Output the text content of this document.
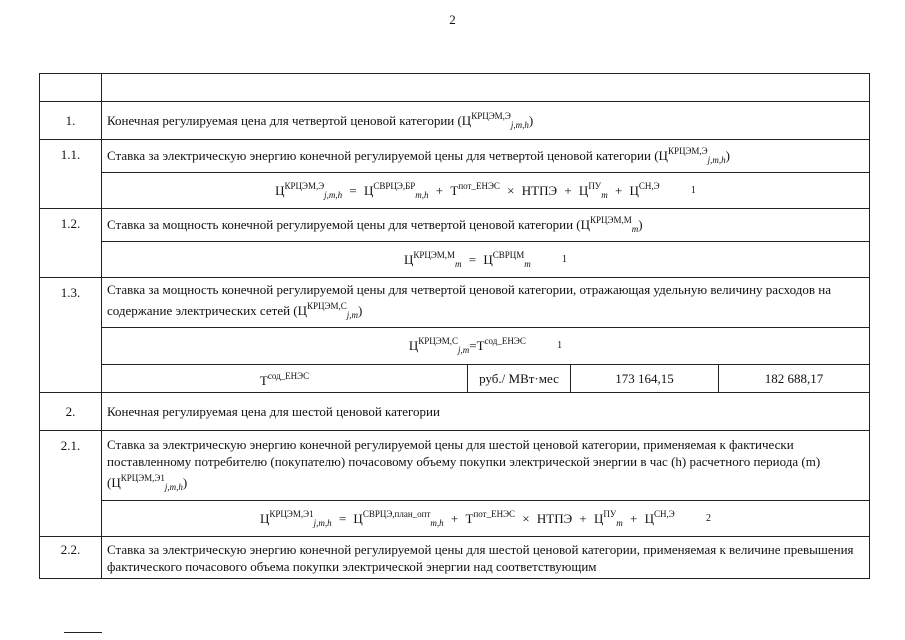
2

1.	Конечная регулируемая цена для четвертой ценовой категории $(Ц^{КРЦЭМ,Э}_{j,m,h})$			
1.1.	Ставка за электрическую энергию конечной регулируемой цены для четвертой ценовой категории $(Ц^{КРЦЭМ,Э}_{j,m,h})$			
	$Ц^{КРЦЭМ,Э}_{j,m,h} = Ц^{СВРЦЭ,БР}_{m,h} + Т^{пот\_ЕНЭС}$ × НТПЭ + $Ц^{ПУ}_m + Ц^{СН,Э}$ 1			
1.2.	Ставка за мощность конечной регулируемой цены для четвертой ценовой категории $(Ц^{КРЦЭМ,М}_m)$			
	$Ц^{КРЦЭМ,М}_m = Ц^{СВРЦМ}_m$ 1			
1.3.	Ставка за мощность конечной регулируемой цены для четвертой ценовой категории, отражающая удельную величину расходов на содержание электрических сетей $(Ц^{КРЦЭМ,С}_{j,m})$			
	$Ц^{КРЦЭМ,С}_{j,m}=Т^{сод\_ЕНЭС}$ 1			
	$Т^{сод\_ЕНЭС}$	руб./ МВт·мес	173 164,15	182 688,17
2.	Конечная регулируемая цена для шестой ценовой категории			
2.1.	Ставка за электрическую энергию конечной регулируемой цены для шестой ценовой категории, применяемая к фактически поставленному потребителю (покупателю) почасовому объему покупки электрической энергии в час (h) расчетного периода (m) $(Ц^{КРЦЭМ,Э1}_{j,m,h})$			
	$Ц^{КРЦЭМ,Э1}_{j,m,h} = Ц^{СВРЦЭ,план\_опт}_{m,h} + Т^{пот\_ЕНЭС}$ × НТПЭ + $Ц^{ПУ}_m + Ц^{СН,Э}$ 2			
2.2.	Ставка за электрическую энергию конечной регулируемой цены для шестой ценовой категории, применяемая к величине превышения фактического почасового объема покупки электрической энергии над соответствующим			
